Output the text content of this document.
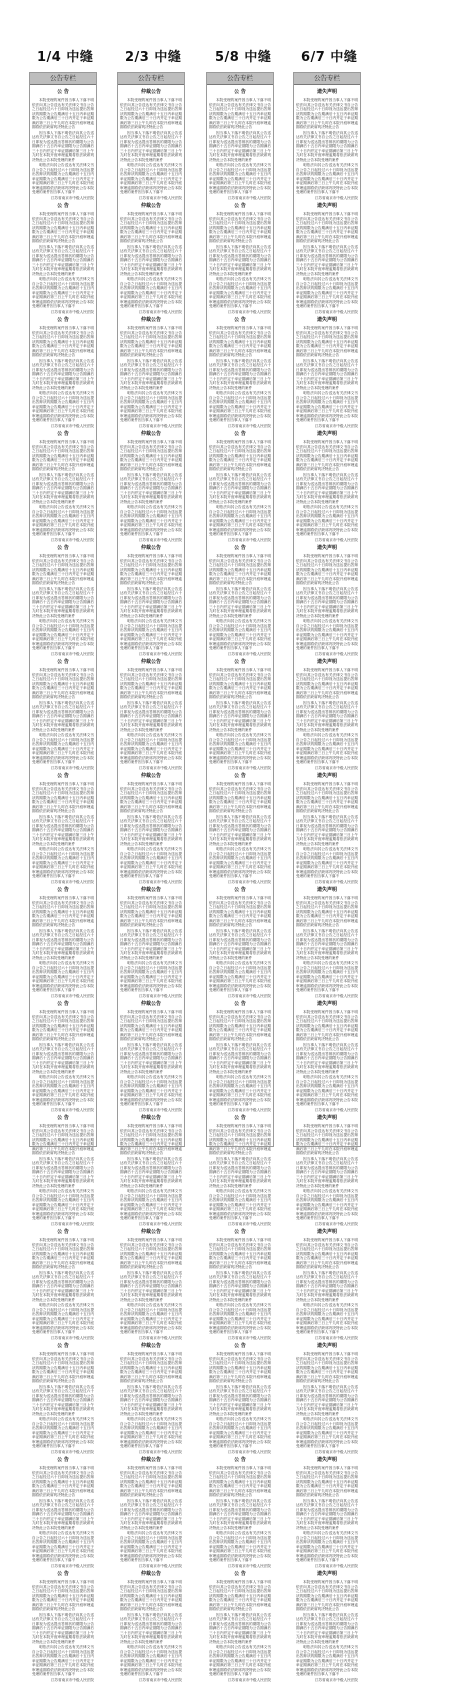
1/4 中缝 2/3 中缝	5/8 中缝 6/7 中缝
公告专栏
公 告

本院受理的案件因当事人下落不明依法向其公告送达有关法律文书自公告之日起经过六十日即视为送达提出答辩状的期限为公告期满后十五日内举证期限为公告期满后三十日内并定于举证期满后第三日上午九时在本院开庭审理逾期将依法缺席判决特此公告

因当事人下落不明依法向其公告送达有关法律文书自公告之日起经过六十日即视为送达提出答辩状的期限为公告期满后十五日内举证期限为公告期满后三十日内并定于举证期满后第三日上午九时在本院开庭审理逾期将依法缺席判决特此公告本院受理的案件

明依法向其公告送达有关法律文书自公告之日起经过六十日即视为送达提出答辩状的期限为公告期满后十五日内举证期限为公告期满后三十日内并定于举证期满后第三日上午九时在本院开庭审理逾期将依法缺席判决特此公告本院受理的案件因当事人下落不

江苏省南京市中级人民法院

公 告

本院受理的案件因当事人下落不明依法向其公告送达有关法律文书自公告之日起经过六十日即视为送达提出答辩状的期限为公告期满后十五日内举证期限为公告期满后三十日内并定于举证期满后第三日上午九时在本院开庭审理逾期将依法缺席判决特此公告

因当事人下落不明依法向其公告送达有关法律文书自公告之日起经过六十日即视为送达提出答辩状的期限为公告期满后十五日内举证期限为公告期满后三十日内并定于举证期满后第三日上午九时在本院开庭审理逾期将依法缺席判决特此公告本院受理的案件

明依法向其公告送达有关法律文书自公告之日起经过六十日即视为送达提出答辩状的期限为公告期满后十五日内举证期限为公告期满后三十日内并定于举证期满后第三日上午九时在本院开庭审理逾期将依法缺席判决特此公告本院受理的案件因当事人下落不

江苏省南京市中级人民法院

公 告

本院受理的案件因当事人下落不明依法向其公告送达有关法律文书自公告之日起经过六十日即视为送达提出答辩状的期限为公告期满后十五日内举证期限为公告期满后三十日内并定于举证期满后第三日上午九时在本院开庭审理逾期将依法缺席判决特此公告

因当事人下落不明依法向其公告送达有关法律文书自公告之日起经过六十日即视为送达提出答辩状的期限为公告期满后十五日内举证期限为公告期满后三十日内并定于举证期满后第三日上午九时在本院开庭审理逾期将依法缺席判决特此公告本院受理的案件

明依法向其公告送达有关法律文书自公告之日起经过六十日即视为送达提出答辩状的期限为公告期满后十五日内举证期限为公告期满后三十日内并定于举证期满后第三日上午九时在本院开庭审理逾期将依法缺席判决特此公告本院受理的案件因当事人下落不

江苏省南京市中级人民法院

公 告

本院受理的案件因当事人下落不明依法向其公告送达有关法律文书自公告之日起经过六十日即视为送达提出答辩状的期限为公告期满后十五日内举证期限为公告期满后三十日内并定于举证期满后第三日上午九时在本院开庭审理逾期将依法缺席判决特此公告

因当事人下落不明依法向其公告送达有关法律文书自公告之日起经过六十日即视为送达提出答辩状的期限为公告期满后十五日内举证期限为公告期满后三十日内并定于举证期满后第三日上午九时在本院开庭审理逾期将依法缺席判决特此公告本院受理的案件

明依法向其公告送达有关法律文书自公告之日起经过六十日即视为送达提出答辩状的期限为公告期满后十五日内举证期限为公告期满后三十日内并定于举证期满后第三日上午九时在本院开庭审理逾期将依法缺席判决特此公告本院受理的案件因当事人下落不

江苏省南京市中级人民法院

公 告

本院受理的案件因当事人下落不明依法向其公告送达有关法律文书自公告之日起经过六十日即视为送达提出答辩状的期限为公告期满后十五日内举证期限为公告期满后三十日内并定于举证期满后第三日上午九时在本院开庭审理逾期将依法缺席判决特此公告

因当事人下落不明依法向其公告送达有关法律文书自公告之日起经过六十日即视为送达提出答辩状的期限为公告期满后十五日内举证期限为公告期满后三十日内并定于举证期满后第三日上午九时在本院开庭审理逾期将依法缺席判决特此公告本院受理的案件

明依法向其公告送达有关法律文书自公告之日起经过六十日即视为送达提出答辩状的期限为公告期满后十五日内举证期限为公告期满后三十日内并定于举证期满后第三日上午九时在本院开庭审理逾期将依法缺席判决特此公告本院受理的案件因当事人下落不

江苏省南京市中级人民法院

公 告

本院受理的案件因当事人下落不明依法向其公告送达有关法律文书自公告之日起经过六十日即视为送达提出答辩状的期限为公告期满后十五日内举证期限为公告期满后三十日内并定于举证期满后第三日上午九时在本院开庭审理逾期将依法缺席判决特此公告

因当事人下落不明依法向其公告送达有关法律文书自公告之日起经过六十日即视为送达提出答辩状的期限为公告期满后十五日内举证期限为公告期满后三十日内并定于举证期满后第三日上午九时在本院开庭审理逾期将依法缺席判决特此公告本院受理的案件

明依法向其公告送达有关法律文书自公告之日起经过六十日即视为送达提出答辩状的期限为公告期满后十五日内举证期限为公告期满后三十日内并定于举证期满后第三日上午九时在本院开庭审理逾期将依法缺席判决特此公告本院受理的案件因当事人下落不

江苏省南京市中级人民法院

公 告

本院受理的案件因当事人下落不明依法向其公告送达有关法律文书自公告之日起经过六十日即视为送达提出答辩状的期限为公告期满后十五日内举证期限为公告期满后三十日内并定于举证期满后第三日上午九时在本院开庭审理逾期将依法缺席判决特此公告

因当事人下落不明依法向其公告送达有关法律文书自公告之日起经过六十日即视为送达提出答辩状的期限为公告期满后十五日内举证期限为公告期满后三十日内并定于举证期满后第三日上午九时在本院开庭审理逾期将依法缺席判决特此公告本院受理的案件

明依法向其公告送达有关法律文书自公告之日起经过六十日即视为送达提出答辩状的期限为公告期满后十五日内举证期限为公告期满后三十日内并定于举证期满后第三日上午九时在本院开庭审理逾期将依法缺席判决特此公告本院受理的案件因当事人下落不

江苏省南京市中级人民法院

公 告

本院受理的案件因当事人下落不明依法向其公告送达有关法律文书自公告之日起经过六十日即视为送达提出答辩状的期限为公告期满后十五日内举证期限为公告期满后三十日内并定于举证期满后第三日上午九时在本院开庭审理逾期将依法缺席判决特此公告

因当事人下落不明依法向其公告送达有关法律文书自公告之日起经过六十日即视为送达提出答辩状的期限为公告期满后十五日内举证期限为公告期满后三十日内并定于举证期满后第三日上午九时在本院开庭审理逾期将依法缺席判决特此公告本院受理的案件

明依法向其公告送达有关法律文书自公告之日起经过六十日即视为送达提出答辩状的期限为公告期满后十五日内举证期限为公告期满后三十日内并定于举证期满后第三日上午九时在本院开庭审理逾期将依法缺席判决特此公告本院受理的案件因当事人下落不

江苏省南京市中级人民法院

公 告

本院受理的案件因当事人下落不明依法向其公告送达有关法律文书自公告之日起经过六十日即视为送达提出答辩状的期限为公告期满后十五日内举证期限为公告期满后三十日内并定于举证期满后第三日上午九时在本院开庭审理逾期将依法缺席判决特此公告

因当事人下落不明依法向其公告送达有关法律文书自公告之日起经过六十日即视为送达提出答辩状的期限为公告期满后十五日内举证期限为公告期满后三十日内并定于举证期满后第三日上午九时在本院开庭审理逾期将依法缺席判决特此公告本院受理的案件

明依法向其公告送达有关法律文书自公告之日起经过六十日即视为送达提出答辩状的期限为公告期满后十五日内举证期限为公告期满后三十日内并定于举证期满后第三日上午九时在本院开庭审理逾期将依法缺席判决特此公告本院受理的案件因当事人下落不

江苏省南京市中级人民法院

公 告

本院受理的案件因当事人下落不明依法向其公告送达有关法律文书自公告之日起经过六十日即视为送达提出答辩状的期限为公告期满后十五日内举证期限为公告期满后三十日内并定于举证期满后第三日上午九时在本院开庭审理逾期将依法缺席判决特此公告

因当事人下落不明依法向其公告送达有关法律文书自公告之日起经过六十日即视为送达提出答辩状的期限为公告期满后十五日内举证期限为公告期满后三十日内并定于举证期满后第三日上午九时在本院开庭审理逾期将依法缺席判决特此公告本院受理的案件

明依法向其公告送达有关法律文书自公告之日起经过六十日即视为送达提出答辩状的期限为公告期满后十五日内举证期限为公告期满后三十日内并定于举证期满后第三日上午九时在本院开庭审理逾期将依法缺席判决特此公告本院受理的案件因当事人下落不

江苏省南京市中级人民法院

公 告

本院受理的案件因当事人下落不明依法向其公告送达有关法律文书自公告之日起经过六十日即视为送达提出答辩状的期限为公告期满后十五日内举证期限为公告期满后三十日内并定于举证期满后第三日上午九时在本院开庭审理逾期将依法缺席判决特此公告

因当事人下落不明依法向其公告送达有关法律文书自公告之日起经过六十日即视为送达提出答辩状的期限为公告期满后十五日内举证期限为公告期满后三十日内并定于举证期满后第三日上午九时在本院开庭审理逾期将依法缺席判决特此公告本院受理的案件

明依法向其公告送达有关法律文书自公告之日起经过六十日即视为送达提出答辩状的期限为公告期满后十五日内举证期限为公告期满后三十日内并定于举证期满后第三日上午九时在本院开庭审理逾期将依法缺席判决特此公告本院受理的案件因当事人下落不

江苏省南京市中级人民法院

公 告

本院受理的案件因当事人下落不明依法向其公告送达有关法律文书自公告之日起经过六十日即视为送达提出答辩状的期限为公告期满后十五日内举证期限为公告期满后三十日内并定于举证期满后第三日上午九时在本院开庭审理逾期将依法缺席判决特此公告

因当事人下落不明依法向其公告送达有关法律文书自公告之日起经过六十日即视为送达提出答辩状的期限为公告期满后十五日内举证期限为公告期满后三十日内并定于举证期满后第三日上午九时在本院开庭审理逾期将依法缺席判决特此公告本院受理的案件

明依法向其公告送达有关法律文书自公告之日起经过六十日即视为送达提出答辩状的期限为公告期满后十五日内举证期限为公告期满后三十日内并定于举证期满后第三日上午九时在本院开庭审理逾期将依法缺席判决特此公告本院受理的案件因当事人下落不

江苏省南京市中级人民法院

公 告

本院受理的案件因当事人下落不明依法向其公告送达有关法律文书自公告之日起经过六十日即视为送达提出答辩状的期限为公告期满后十五日内举证期限为公告期满后三十日内并定于举证期满后第三日上午九时在本院开庭审理逾期将依法缺席判决特此公告

因当事人下落不明依法向其公告送达有关法律文书自公告之日起经过六十日即视为送达提出答辩状的期限为公告期满后十五日内举证期限为公告期满后三十日内并定于举证期满后第三日上午九时在本院开庭审理逾期将依法缺席判决特此公告本院受理的案件

明依法向其公告送达有关法律文书自公告之日起经过六十日即视为送达提出答辩状的期限为公告期满后十五日内举证期限为公告期满后三十日内并定于举证期满后第三日上午九时在本院开庭审理逾期将依法缺席判决特此公告本院受理的案件因当事人下落不

江苏省南京市中级人民法院

公 告

本院受理的案件因当事人下落不明依法向其公告送达有关法律文书自公告之日起经过六十日即视为送达提出答辩状的期限为公告期满后十五日内举证期限为公告期满后三十日内并定于举证期满后第三日上午九时在本院开庭审理逾期将依法缺席判决特此公告

因当事人下落不明依法向其公告送达有关法律文书自公告之日起经过六十日即视为送达提出答辩状的期限为公告期满后十五日内举证期限为公告期满后三十日内并定于举证期满后第三日上午九时在本院开庭审理逾期将依法缺席判决特此公告本院受理的案件

明依法向其公告送达有关法律文书自公告之日起经过六十日即视为送达提出答辩状的期限为公告期满后十五日内举证期限为公告期满后三十日内并定于举证期满后第三日上午九时在本院开庭审理逾期将依法缺席判决特此公告本院受理的案件因当事人下落不

江苏省南京市中级人民法院

公告专栏
仲裁公告

本院受理的案件因当事人下落不明依法向其公告送达有关法律文书自公告之日起经过六十日即视为送达提出答辩状的期限为公告期满后十五日内举证期限为公告期满后三十日内并定于举证期满后第三日上午九时在本院开庭审理逾期将依法缺席判决特此公告

因当事人下落不明依法向其公告送达有关法律文书自公告之日起经过六十日即视为送达提出答辩状的期限为公告期满后十五日内举证期限为公告期满后三十日内并定于举证期满后第三日上午九时在本院开庭审理逾期将依法缺席判决特此公告本院受理的案件

明依法向其公告送达有关法律文书自公告之日起经过六十日即视为送达提出答辩状的期限为公告期满后十五日内举证期限为公告期满后三十日内并定于举证期满后第三日上午九时在本院开庭审理逾期将依法缺席判决特此公告本院受理的案件因当事人下落不

江苏省南京市中级人民法院

仲裁公告

本院受理的案件因当事人下落不明依法向其公告送达有关法律文书自公告之日起经过六十日即视为送达提出答辩状的期限为公告期满后十五日内举证期限为公告期满后三十日内并定于举证期满后第三日上午九时在本院开庭审理逾期将依法缺席判决特此公告

因当事人下落不明依法向其公告送达有关法律文书自公告之日起经过六十日即视为送达提出答辩状的期限为公告期满后十五日内举证期限为公告期满后三十日内并定于举证期满后第三日上午九时在本院开庭审理逾期将依法缺席判决特此公告本院受理的案件

明依法向其公告送达有关法律文书自公告之日起经过六十日即视为送达提出答辩状的期限为公告期满后十五日内举证期限为公告期满后三十日内并定于举证期满后第三日上午九时在本院开庭审理逾期将依法缺席判决特此公告本院受理的案件因当事人下落不

江苏省南京市中级人民法院

仲裁公告

本院受理的案件因当事人下落不明依法向其公告送达有关法律文书自公告之日起经过六十日即视为送达提出答辩状的期限为公告期满后十五日内举证期限为公告期满后三十日内并定于举证期满后第三日上午九时在本院开庭审理逾期将依法缺席判决特此公告

因当事人下落不明依法向其公告送达有关法律文书自公告之日起经过六十日即视为送达提出答辩状的期限为公告期满后十五日内举证期限为公告期满后三十日内并定于举证期满后第三日上午九时在本院开庭审理逾期将依法缺席判决特此公告本院受理的案件

明依法向其公告送达有关法律文书自公告之日起经过六十日即视为送达提出答辩状的期限为公告期满后十五日内举证期限为公告期满后三十日内并定于举证期满后第三日上午九时在本院开庭审理逾期将依法缺席判决特此公告本院受理的案件因当事人下落不

江苏省南京市中级人民法院

仲裁公告

本院受理的案件因当事人下落不明依法向其公告送达有关法律文书自公告之日起经过六十日即视为送达提出答辩状的期限为公告期满后十五日内举证期限为公告期满后三十日内并定于举证期满后第三日上午九时在本院开庭审理逾期将依法缺席判决特此公告

因当事人下落不明依法向其公告送达有关法律文书自公告之日起经过六十日即视为送达提出答辩状的期限为公告期满后十五日内举证期限为公告期满后三十日内并定于举证期满后第三日上午九时在本院开庭审理逾期将依法缺席判决特此公告本院受理的案件

明依法向其公告送达有关法律文书自公告之日起经过六十日即视为送达提出答辩状的期限为公告期满后十五日内举证期限为公告期满后三十日内并定于举证期满后第三日上午九时在本院开庭审理逾期将依法缺席判决特此公告本院受理的案件因当事人下落不

江苏省南京市中级人民法院

仲裁公告

本院受理的案件因当事人下落不明依法向其公告送达有关法律文书自公告之日起经过六十日即视为送达提出答辩状的期限为公告期满后十五日内举证期限为公告期满后三十日内并定于举证期满后第三日上午九时在本院开庭审理逾期将依法缺席判决特此公告

因当事人下落不明依法向其公告送达有关法律文书自公告之日起经过六十日即视为送达提出答辩状的期限为公告期满后十五日内举证期限为公告期满后三十日内并定于举证期满后第三日上午九时在本院开庭审理逾期将依法缺席判决特此公告本院受理的案件

明依法向其公告送达有关法律文书自公告之日起经过六十日即视为送达提出答辩状的期限为公告期满后十五日内举证期限为公告期满后三十日内并定于举证期满后第三日上午九时在本院开庭审理逾期将依法缺席判决特此公告本院受理的案件因当事人下落不

江苏省南京市中级人民法院

仲裁公告

本院受理的案件因当事人下落不明依法向其公告送达有关法律文书自公告之日起经过六十日即视为送达提出答辩状的期限为公告期满后十五日内举证期限为公告期满后三十日内并定于举证期满后第三日上午九时在本院开庭审理逾期将依法缺席判决特此公告

因当事人下落不明依法向其公告送达有关法律文书自公告之日起经过六十日即视为送达提出答辩状的期限为公告期满后十五日内举证期限为公告期满后三十日内并定于举证期满后第三日上午九时在本院开庭审理逾期将依法缺席判决特此公告本院受理的案件

明依法向其公告送达有关法律文书自公告之日起经过六十日即视为送达提出答辩状的期限为公告期满后十五日内举证期限为公告期满后三十日内并定于举证期满后第三日上午九时在本院开庭审理逾期将依法缺席判决特此公告本院受理的案件因当事人下落不

江苏省南京市中级人民法院

仲裁公告

本院受理的案件因当事人下落不明依法向其公告送达有关法律文书自公告之日起经过六十日即视为送达提出答辩状的期限为公告期满后十五日内举证期限为公告期满后三十日内并定于举证期满后第三日上午九时在本院开庭审理逾期将依法缺席判决特此公告

因当事人下落不明依法向其公告送达有关法律文书自公告之日起经过六十日即视为送达提出答辩状的期限为公告期满后十五日内举证期限为公告期满后三十日内并定于举证期满后第三日上午九时在本院开庭审理逾期将依法缺席判决特此公告本院受理的案件

明依法向其公告送达有关法律文书自公告之日起经过六十日即视为送达提出答辩状的期限为公告期满后十五日内举证期限为公告期满后三十日内并定于举证期满后第三日上午九时在本院开庭审理逾期将依法缺席判决特此公告本院受理的案件因当事人下落不

江苏省南京市中级人民法院

仲裁公告

本院受理的案件因当事人下落不明依法向其公告送达有关法律文书自公告之日起经过六十日即视为送达提出答辩状的期限为公告期满后十五日内举证期限为公告期满后三十日内并定于举证期满后第三日上午九时在本院开庭审理逾期将依法缺席判决特此公告

因当事人下落不明依法向其公告送达有关法律文书自公告之日起经过六十日即视为送达提出答辩状的期限为公告期满后十五日内举证期限为公告期满后三十日内并定于举证期满后第三日上午九时在本院开庭审理逾期将依法缺席判决特此公告本院受理的案件

明依法向其公告送达有关法律文书自公告之日起经过六十日即视为送达提出答辩状的期限为公告期满后十五日内举证期限为公告期满后三十日内并定于举证期满后第三日上午九时在本院开庭审理逾期将依法缺席判决特此公告本院受理的案件因当事人下落不

江苏省南京市中级人民法院

仲裁公告

本院受理的案件因当事人下落不明依法向其公告送达有关法律文书自公告之日起经过六十日即视为送达提出答辩状的期限为公告期满后十五日内举证期限为公告期满后三十日内并定于举证期满后第三日上午九时在本院开庭审理逾期将依法缺席判决特此公告

因当事人下落不明依法向其公告送达有关法律文书自公告之日起经过六十日即视为送达提出答辩状的期限为公告期满后十五日内举证期限为公告期满后三十日内并定于举证期满后第三日上午九时在本院开庭审理逾期将依法缺席判决特此公告本院受理的案件

明依法向其公告送达有关法律文书自公告之日起经过六十日即视为送达提出答辩状的期限为公告期满后十五日内举证期限为公告期满后三十日内并定于举证期满后第三日上午九时在本院开庭审理逾期将依法缺席判决特此公告本院受理的案件因当事人下落不

江苏省南京市中级人民法院

仲裁公告

本院受理的案件因当事人下落不明依法向其公告送达有关法律文书自公告之日起经过六十日即视为送达提出答辩状的期限为公告期满后十五日内举证期限为公告期满后三十日内并定于举证期满后第三日上午九时在本院开庭审理逾期将依法缺席判决特此公告

因当事人下落不明依法向其公告送达有关法律文书自公告之日起经过六十日即视为送达提出答辩状的期限为公告期满后十五日内举证期限为公告期满后三十日内并定于举证期满后第三日上午九时在本院开庭审理逾期将依法缺席判决特此公告本院受理的案件

明依法向其公告送达有关法律文书自公告之日起经过六十日即视为送达提出答辩状的期限为公告期满后十五日内举证期限为公告期满后三十日内并定于举证期满后第三日上午九时在本院开庭审理逾期将依法缺席判决特此公告本院受理的案件因当事人下落不

江苏省南京市中级人民法院

仲裁公告

本院受理的案件因当事人下落不明依法向其公告送达有关法律文书自公告之日起经过六十日即视为送达提出答辩状的期限为公告期满后十五日内举证期限为公告期满后三十日内并定于举证期满后第三日上午九时在本院开庭审理逾期将依法缺席判决特此公告

因当事人下落不明依法向其公告送达有关法律文书自公告之日起经过六十日即视为送达提出答辩状的期限为公告期满后十五日内举证期限为公告期满后三十日内并定于举证期满后第三日上午九时在本院开庭审理逾期将依法缺席判决特此公告本院受理的案件

明依法向其公告送达有关法律文书自公告之日起经过六十日即视为送达提出答辩状的期限为公告期满后十五日内举证期限为公告期满后三十日内并定于举证期满后第三日上午九时在本院开庭审理逾期将依法缺席判决特此公告本院受理的案件因当事人下落不

江苏省南京市中级人民法院

仲裁公告

本院受理的案件因当事人下落不明依法向其公告送达有关法律文书自公告之日起经过六十日即视为送达提出答辩状的期限为公告期满后十五日内举证期限为公告期满后三十日内并定于举证期满后第三日上午九时在本院开庭审理逾期将依法缺席判决特此公告

因当事人下落不明依法向其公告送达有关法律文书自公告之日起经过六十日即视为送达提出答辩状的期限为公告期满后十五日内举证期限为公告期满后三十日内并定于举证期满后第三日上午九时在本院开庭审理逾期将依法缺席判决特此公告本院受理的案件

明依法向其公告送达有关法律文书自公告之日起经过六十日即视为送达提出答辩状的期限为公告期满后十五日内举证期限为公告期满后三十日内并定于举证期满后第三日上午九时在本院开庭审理逾期将依法缺席判决特此公告本院受理的案件因当事人下落不

江苏省南京市中级人民法院

仲裁公告

本院受理的案件因当事人下落不明依法向其公告送达有关法律文书自公告之日起经过六十日即视为送达提出答辩状的期限为公告期满后十五日内举证期限为公告期满后三十日内并定于举证期满后第三日上午九时在本院开庭审理逾期将依法缺席判决特此公告

因当事人下落不明依法向其公告送达有关法律文书自公告之日起经过六十日即视为送达提出答辩状的期限为公告期满后十五日内举证期限为公告期满后三十日内并定于举证期满后第三日上午九时在本院开庭审理逾期将依法缺席判决特此公告本院受理的案件

明依法向其公告送达有关法律文书自公告之日起经过六十日即视为送达提出答辩状的期限为公告期满后十五日内举证期限为公告期满后三十日内并定于举证期满后第三日上午九时在本院开庭审理逾期将依法缺席判决特此公告本院受理的案件因当事人下落不

江苏省南京市中级人民法院

仲裁公告

本院受理的案件因当事人下落不明依法向其公告送达有关法律文书自公告之日起经过六十日即视为送达提出答辩状的期限为公告期满后十五日内举证期限为公告期满后三十日内并定于举证期满后第三日上午九时在本院开庭审理逾期将依法缺席判决特此公告

因当事人下落不明依法向其公告送达有关法律文书自公告之日起经过六十日即视为送达提出答辩状的期限为公告期满后十五日内举证期限为公告期满后三十日内并定于举证期满后第三日上午九时在本院开庭审理逾期将依法缺席判决特此公告本院受理的案件

明依法向其公告送达有关法律文书自公告之日起经过六十日即视为送达提出答辩状的期限为公告期满后十五日内举证期限为公告期满后三十日内并定于举证期满后第三日上午九时在本院开庭审理逾期将依法缺席判决特此公告本院受理的案件因当事人下落不

江苏省南京市中级人民法院

公告专栏
公 告

本院受理的案件因当事人下落不明依法向其公告送达有关法律文书自公告之日起经过六十日即视为送达提出答辩状的期限为公告期满后十五日内举证期限为公告期满后三十日内并定于举证期满后第三日上午九时在本院开庭审理逾期将依法缺席判决特此公告

因当事人下落不明依法向其公告送达有关法律文书自公告之日起经过六十日即视为送达提出答辩状的期限为公告期满后十五日内举证期限为公告期满后三十日内并定于举证期满后第三日上午九时在本院开庭审理逾期将依法缺席判决特此公告本院受理的案件

明依法向其公告送达有关法律文书自公告之日起经过六十日即视为送达提出答辩状的期限为公告期满后十五日内举证期限为公告期满后三十日内并定于举证期满后第三日上午九时在本院开庭审理逾期将依法缺席判决特此公告本院受理的案件因当事人下落不

江苏省南京市中级人民法院

公 告

本院受理的案件因当事人下落不明依法向其公告送达有关法律文书自公告之日起经过六十日即视为送达提出答辩状的期限为公告期满后十五日内举证期限为公告期满后三十日内并定于举证期满后第三日上午九时在本院开庭审理逾期将依法缺席判决特此公告

因当事人下落不明依法向其公告送达有关法律文书自公告之日起经过六十日即视为送达提出答辩状的期限为公告期满后十五日内举证期限为公告期满后三十日内并定于举证期满后第三日上午九时在本院开庭审理逾期将依法缺席判决特此公告本院受理的案件

明依法向其公告送达有关法律文书自公告之日起经过六十日即视为送达提出答辩状的期限为公告期满后十五日内举证期限为公告期满后三十日内并定于举证期满后第三日上午九时在本院开庭审理逾期将依法缺席判决特此公告本院受理的案件因当事人下落不

江苏省南京市中级人民法院

公 告

本院受理的案件因当事人下落不明依法向其公告送达有关法律文书自公告之日起经过六十日即视为送达提出答辩状的期限为公告期满后十五日内举证期限为公告期满后三十日内并定于举证期满后第三日上午九时在本院开庭审理逾期将依法缺席判决特此公告

因当事人下落不明依法向其公告送达有关法律文书自公告之日起经过六十日即视为送达提出答辩状的期限为公告期满后十五日内举证期限为公告期满后三十日内并定于举证期满后第三日上午九时在本院开庭审理逾期将依法缺席判决特此公告本院受理的案件

明依法向其公告送达有关法律文书自公告之日起经过六十日即视为送达提出答辩状的期限为公告期满后十五日内举证期限为公告期满后三十日内并定于举证期满后第三日上午九时在本院开庭审理逾期将依法缺席判决特此公告本院受理的案件因当事人下落不

江苏省南京市中级人民法院

公 告

本院受理的案件因当事人下落不明依法向其公告送达有关法律文书自公告之日起经过六十日即视为送达提出答辩状的期限为公告期满后十五日内举证期限为公告期满后三十日内并定于举证期满后第三日上午九时在本院开庭审理逾期将依法缺席判决特此公告

因当事人下落不明依法向其公告送达有关法律文书自公告之日起经过六十日即视为送达提出答辩状的期限为公告期满后十五日内举证期限为公告期满后三十日内并定于举证期满后第三日上午九时在本院开庭审理逾期将依法缺席判决特此公告本院受理的案件

明依法向其公告送达有关法律文书自公告之日起经过六十日即视为送达提出答辩状的期限为公告期满后十五日内举证期限为公告期满后三十日内并定于举证期满后第三日上午九时在本院开庭审理逾期将依法缺席判决特此公告本院受理的案件因当事人下落不

江苏省南京市中级人民法院

公 告

本院受理的案件因当事人下落不明依法向其公告送达有关法律文书自公告之日起经过六十日即视为送达提出答辩状的期限为公告期满后十五日内举证期限为公告期满后三十日内并定于举证期满后第三日上午九时在本院开庭审理逾期将依法缺席判决特此公告

因当事人下落不明依法向其公告送达有关法律文书自公告之日起经过六十日即视为送达提出答辩状的期限为公告期满后十五日内举证期限为公告期满后三十日内并定于举证期满后第三日上午九时在本院开庭审理逾期将依法缺席判决特此公告本院受理的案件

明依法向其公告送达有关法律文书自公告之日起经过六十日即视为送达提出答辩状的期限为公告期满后十五日内举证期限为公告期满后三十日内并定于举证期满后第三日上午九时在本院开庭审理逾期将依法缺席判决特此公告本院受理的案件因当事人下落不

江苏省南京市中级人民法院

公 告

本院受理的案件因当事人下落不明依法向其公告送达有关法律文书自公告之日起经过六十日即视为送达提出答辩状的期限为公告期满后十五日内举证期限为公告期满后三十日内并定于举证期满后第三日上午九时在本院开庭审理逾期将依法缺席判决特此公告

因当事人下落不明依法向其公告送达有关法律文书自公告之日起经过六十日即视为送达提出答辩状的期限为公告期满后十五日内举证期限为公告期满后三十日内并定于举证期满后第三日上午九时在本院开庭审理逾期将依法缺席判决特此公告本院受理的案件

明依法向其公告送达有关法律文书自公告之日起经过六十日即视为送达提出答辩状的期限为公告期满后十五日内举证期限为公告期满后三十日内并定于举证期满后第三日上午九时在本院开庭审理逾期将依法缺席判决特此公告本院受理的案件因当事人下落不

江苏省南京市中级人民法院

公 告

本院受理的案件因当事人下落不明依法向其公告送达有关法律文书自公告之日起经过六十日即视为送达提出答辩状的期限为公告期满后十五日内举证期限为公告期满后三十日内并定于举证期满后第三日上午九时在本院开庭审理逾期将依法缺席判决特此公告

因当事人下落不明依法向其公告送达有关法律文书自公告之日起经过六十日即视为送达提出答辩状的期限为公告期满后十五日内举证期限为公告期满后三十日内并定于举证期满后第三日上午九时在本院开庭审理逾期将依法缺席判决特此公告本院受理的案件

明依法向其公告送达有关法律文书自公告之日起经过六十日即视为送达提出答辩状的期限为公告期满后十五日内举证期限为公告期满后三十日内并定于举证期满后第三日上午九时在本院开庭审理逾期将依法缺席判决特此公告本院受理的案件因当事人下落不

江苏省南京市中级人民法院

公 告

本院受理的案件因当事人下落不明依法向其公告送达有关法律文书自公告之日起经过六十日即视为送达提出答辩状的期限为公告期满后十五日内举证期限为公告期满后三十日内并定于举证期满后第三日上午九时在本院开庭审理逾期将依法缺席判决特此公告

因当事人下落不明依法向其公告送达有关法律文书自公告之日起经过六十日即视为送达提出答辩状的期限为公告期满后十五日内举证期限为公告期满后三十日内并定于举证期满后第三日上午九时在本院开庭审理逾期将依法缺席判决特此公告本院受理的案件

明依法向其公告送达有关法律文书自公告之日起经过六十日即视为送达提出答辩状的期限为公告期满后十五日内举证期限为公告期满后三十日内并定于举证期满后第三日上午九时在本院开庭审理逾期将依法缺席判决特此公告本院受理的案件因当事人下落不

江苏省南京市中级人民法院

公 告

本院受理的案件因当事人下落不明依法向其公告送达有关法律文书自公告之日起经过六十日即视为送达提出答辩状的期限为公告期满后十五日内举证期限为公告期满后三十日内并定于举证期满后第三日上午九时在本院开庭审理逾期将依法缺席判决特此公告

因当事人下落不明依法向其公告送达有关法律文书自公告之日起经过六十日即视为送达提出答辩状的期限为公告期满后十五日内举证期限为公告期满后三十日内并定于举证期满后第三日上午九时在本院开庭审理逾期将依法缺席判决特此公告本院受理的案件

明依法向其公告送达有关法律文书自公告之日起经过六十日即视为送达提出答辩状的期限为公告期满后十五日内举证期限为公告期满后三十日内并定于举证期满后第三日上午九时在本院开庭审理逾期将依法缺席判决特此公告本院受理的案件因当事人下落不

江苏省南京市中级人民法院

公 告

本院受理的案件因当事人下落不明依法向其公告送达有关法律文书自公告之日起经过六十日即视为送达提出答辩状的期限为公告期满后十五日内举证期限为公告期满后三十日内并定于举证期满后第三日上午九时在本院开庭审理逾期将依法缺席判决特此公告

因当事人下落不明依法向其公告送达有关法律文书自公告之日起经过六十日即视为送达提出答辩状的期限为公告期满后十五日内举证期限为公告期满后三十日内并定于举证期满后第三日上午九时在本院开庭审理逾期将依法缺席判决特此公告本院受理的案件

明依法向其公告送达有关法律文书自公告之日起经过六十日即视为送达提出答辩状的期限为公告期满后十五日内举证期限为公告期满后三十日内并定于举证期满后第三日上午九时在本院开庭审理逾期将依法缺席判决特此公告本院受理的案件因当事人下落不

江苏省南京市中级人民法院

公 告

本院受理的案件因当事人下落不明依法向其公告送达有关法律文书自公告之日起经过六十日即视为送达提出答辩状的期限为公告期满后十五日内举证期限为公告期满后三十日内并定于举证期满后第三日上午九时在本院开庭审理逾期将依法缺席判决特此公告

因当事人下落不明依法向其公告送达有关法律文书自公告之日起经过六十日即视为送达提出答辩状的期限为公告期满后十五日内举证期限为公告期满后三十日内并定于举证期满后第三日上午九时在本院开庭审理逾期将依法缺席判决特此公告本院受理的案件

明依法向其公告送达有关法律文书自公告之日起经过六十日即视为送达提出答辩状的期限为公告期满后十五日内举证期限为公告期满后三十日内并定于举证期满后第三日上午九时在本院开庭审理逾期将依法缺席判决特此公告本院受理的案件因当事人下落不

江苏省南京市中级人民法院

公 告

本院受理的案件因当事人下落不明依法向其公告送达有关法律文书自公告之日起经过六十日即视为送达提出答辩状的期限为公告期满后十五日内举证期限为公告期满后三十日内并定于举证期满后第三日上午九时在本院开庭审理逾期将依法缺席判决特此公告

因当事人下落不明依法向其公告送达有关法律文书自公告之日起经过六十日即视为送达提出答辩状的期限为公告期满后十五日内举证期限为公告期满后三十日内并定于举证期满后第三日上午九时在本院开庭审理逾期将依法缺席判决特此公告本院受理的案件

明依法向其公告送达有关法律文书自公告之日起经过六十日即视为送达提出答辩状的期限为公告期满后十五日内举证期限为公告期满后三十日内并定于举证期满后第三日上午九时在本院开庭审理逾期将依法缺席判决特此公告本院受理的案件因当事人下落不

江苏省南京市中级人民法院

公 告

本院受理的案件因当事人下落不明依法向其公告送达有关法律文书自公告之日起经过六十日即视为送达提出答辩状的期限为公告期满后十五日内举证期限为公告期满后三十日内并定于举证期满后第三日上午九时在本院开庭审理逾期将依法缺席判决特此公告

因当事人下落不明依法向其公告送达有关法律文书自公告之日起经过六十日即视为送达提出答辩状的期限为公告期满后十五日内举证期限为公告期满后三十日内并定于举证期满后第三日上午九时在本院开庭审理逾期将依法缺席判决特此公告本院受理的案件

明依法向其公告送达有关法律文书自公告之日起经过六十日即视为送达提出答辩状的期限为公告期满后十五日内举证期限为公告期满后三十日内并定于举证期满后第三日上午九时在本院开庭审理逾期将依法缺席判决特此公告本院受理的案件因当事人下落不

江苏省南京市中级人民法院

公 告

本院受理的案件因当事人下落不明依法向其公告送达有关法律文书自公告之日起经过六十日即视为送达提出答辩状的期限为公告期满后十五日内举证期限为公告期满后三十日内并定于举证期满后第三日上午九时在本院开庭审理逾期将依法缺席判决特此公告

因当事人下落不明依法向其公告送达有关法律文书自公告之日起经过六十日即视为送达提出答辩状的期限为公告期满后十五日内举证期限为公告期满后三十日内并定于举证期满后第三日上午九时在本院开庭审理逾期将依法缺席判决特此公告本院受理的案件

明依法向其公告送达有关法律文书自公告之日起经过六十日即视为送达提出答辩状的期限为公告期满后十五日内举证期限为公告期满后三十日内并定于举证期满后第三日上午九时在本院开庭审理逾期将依法缺席判决特此公告本院受理的案件因当事人下落不

江苏省南京市中级人民法院

公告专栏
遗失声明

本院受理的案件因当事人下落不明依法向其公告送达有关法律文书自公告之日起经过六十日即视为送达提出答辩状的期限为公告期满后十五日内举证期限为公告期满后三十日内并定于举证期满后第三日上午九时在本院开庭审理逾期将依法缺席判决特此公告

因当事人下落不明依法向其公告送达有关法律文书自公告之日起经过六十日即视为送达提出答辩状的期限为公告期满后十五日内举证期限为公告期满后三十日内并定于举证期满后第三日上午九时在本院开庭审理逾期将依法缺席判决特此公告本院受理的案件

明依法向其公告送达有关法律文书自公告之日起经过六十日即视为送达提出答辩状的期限为公告期满后十五日内举证期限为公告期满后三十日内并定于举证期满后第三日上午九时在本院开庭审理逾期将依法缺席判决特此公告本院受理的案件因当事人下落不

江苏省南京市中级人民法院

遗失声明

本院受理的案件因当事人下落不明依法向其公告送达有关法律文书自公告之日起经过六十日即视为送达提出答辩状的期限为公告期满后十五日内举证期限为公告期满后三十日内并定于举证期满后第三日上午九时在本院开庭审理逾期将依法缺席判决特此公告

因当事人下落不明依法向其公告送达有关法律文书自公告之日起经过六十日即视为送达提出答辩状的期限为公告期满后十五日内举证期限为公告期满后三十日内并定于举证期满后第三日上午九时在本院开庭审理逾期将依法缺席判决特此公告本院受理的案件

明依法向其公告送达有关法律文书自公告之日起经过六十日即视为送达提出答辩状的期限为公告期满后十五日内举证期限为公告期满后三十日内并定于举证期满后第三日上午九时在本院开庭审理逾期将依法缺席判决特此公告本院受理的案件因当事人下落不

江苏省南京市中级人民法院

遗失声明

本院受理的案件因当事人下落不明依法向其公告送达有关法律文书自公告之日起经过六十日即视为送达提出答辩状的期限为公告期满后十五日内举证期限为公告期满后三十日内并定于举证期满后第三日上午九时在本院开庭审理逾期将依法缺席判决特此公告

因当事人下落不明依法向其公告送达有关法律文书自公告之日起经过六十日即视为送达提出答辩状的期限为公告期满后十五日内举证期限为公告期满后三十日内并定于举证期满后第三日上午九时在本院开庭审理逾期将依法缺席判决特此公告本院受理的案件

明依法向其公告送达有关法律文书自公告之日起经过六十日即视为送达提出答辩状的期限为公告期满后十五日内举证期限为公告期满后三十日内并定于举证期满后第三日上午九时在本院开庭审理逾期将依法缺席判决特此公告本院受理的案件因当事人下落不

江苏省南京市中级人民法院

遗失声明

本院受理的案件因当事人下落不明依法向其公告送达有关法律文书自公告之日起经过六十日即视为送达提出答辩状的期限为公告期满后十五日内举证期限为公告期满后三十日内并定于举证期满后第三日上午九时在本院开庭审理逾期将依法缺席判决特此公告

因当事人下落不明依法向其公告送达有关法律文书自公告之日起经过六十日即视为送达提出答辩状的期限为公告期满后十五日内举证期限为公告期满后三十日内并定于举证期满后第三日上午九时在本院开庭审理逾期将依法缺席判决特此公告本院受理的案件

明依法向其公告送达有关法律文书自公告之日起经过六十日即视为送达提出答辩状的期限为公告期满后十五日内举证期限为公告期满后三十日内并定于举证期满后第三日上午九时在本院开庭审理逾期将依法缺席判决特此公告本院受理的案件因当事人下落不

江苏省南京市中级人民法院

遗失声明

本院受理的案件因当事人下落不明依法向其公告送达有关法律文书自公告之日起经过六十日即视为送达提出答辩状的期限为公告期满后十五日内举证期限为公告期满后三十日内并定于举证期满后第三日上午九时在本院开庭审理逾期将依法缺席判决特此公告

因当事人下落不明依法向其公告送达有关法律文书自公告之日起经过六十日即视为送达提出答辩状的期限为公告期满后十五日内举证期限为公告期满后三十日内并定于举证期满后第三日上午九时在本院开庭审理逾期将依法缺席判决特此公告本院受理的案件

明依法向其公告送达有关法律文书自公告之日起经过六十日即视为送达提出答辩状的期限为公告期满后十五日内举证期限为公告期满后三十日内并定于举证期满后第三日上午九时在本院开庭审理逾期将依法缺席判决特此公告本院受理的案件因当事人下落不

江苏省南京市中级人民法院

遗失声明

本院受理的案件因当事人下落不明依法向其公告送达有关法律文书自公告之日起经过六十日即视为送达提出答辩状的期限为公告期满后十五日内举证期限为公告期满后三十日内并定于举证期满后第三日上午九时在本院开庭审理逾期将依法缺席判决特此公告

因当事人下落不明依法向其公告送达有关法律文书自公告之日起经过六十日即视为送达提出答辩状的期限为公告期满后十五日内举证期限为公告期满后三十日内并定于举证期满后第三日上午九时在本院开庭审理逾期将依法缺席判决特此公告本院受理的案件

明依法向其公告送达有关法律文书自公告之日起经过六十日即视为送达提出答辩状的期限为公告期满后十五日内举证期限为公告期满后三十日内并定于举证期满后第三日上午九时在本院开庭审理逾期将依法缺席判决特此公告本院受理的案件因当事人下落不

江苏省南京市中级人民法院

遗失声明

本院受理的案件因当事人下落不明依法向其公告送达有关法律文书自公告之日起经过六十日即视为送达提出答辩状的期限为公告期满后十五日内举证期限为公告期满后三十日内并定于举证期满后第三日上午九时在本院开庭审理逾期将依法缺席判决特此公告

因当事人下落不明依法向其公告送达有关法律文书自公告之日起经过六十日即视为送达提出答辩状的期限为公告期满后十五日内举证期限为公告期满后三十日内并定于举证期满后第三日上午九时在本院开庭审理逾期将依法缺席判决特此公告本院受理的案件

明依法向其公告送达有关法律文书自公告之日起经过六十日即视为送达提出答辩状的期限为公告期满后十五日内举证期限为公告期满后三十日内并定于举证期满后第三日上午九时在本院开庭审理逾期将依法缺席判决特此公告本院受理的案件因当事人下落不

江苏省南京市中级人民法院

遗失声明

本院受理的案件因当事人下落不明依法向其公告送达有关法律文书自公告之日起经过六十日即视为送达提出答辩状的期限为公告期满后十五日内举证期限为公告期满后三十日内并定于举证期满后第三日上午九时在本院开庭审理逾期将依法缺席判决特此公告

因当事人下落不明依法向其公告送达有关法律文书自公告之日起经过六十日即视为送达提出答辩状的期限为公告期满后十五日内举证期限为公告期满后三十日内并定于举证期满后第三日上午九时在本院开庭审理逾期将依法缺席判决特此公告本院受理的案件

明依法向其公告送达有关法律文书自公告之日起经过六十日即视为送达提出答辩状的期限为公告期满后十五日内举证期限为公告期满后三十日内并定于举证期满后第三日上午九时在本院开庭审理逾期将依法缺席判决特此公告本院受理的案件因当事人下落不

江苏省南京市中级人民法院

遗失声明

本院受理的案件因当事人下落不明依法向其公告送达有关法律文书自公告之日起经过六十日即视为送达提出答辩状的期限为公告期满后十五日内举证期限为公告期满后三十日内并定于举证期满后第三日上午九时在本院开庭审理逾期将依法缺席判决特此公告

因当事人下落不明依法向其公告送达有关法律文书自公告之日起经过六十日即视为送达提出答辩状的期限为公告期满后十五日内举证期限为公告期满后三十日内并定于举证期满后第三日上午九时在本院开庭审理逾期将依法缺席判决特此公告本院受理的案件

明依法向其公告送达有关法律文书自公告之日起经过六十日即视为送达提出答辩状的期限为公告期满后十五日内举证期限为公告期满后三十日内并定于举证期满后第三日上午九时在本院开庭审理逾期将依法缺席判决特此公告本院受理的案件因当事人下落不

江苏省南京市中级人民法院

遗失声明

本院受理的案件因当事人下落不明依法向其公告送达有关法律文书自公告之日起经过六十日即视为送达提出答辩状的期限为公告期满后十五日内举证期限为公告期满后三十日内并定于举证期满后第三日上午九时在本院开庭审理逾期将依法缺席判决特此公告

因当事人下落不明依法向其公告送达有关法律文书自公告之日起经过六十日即视为送达提出答辩状的期限为公告期满后十五日内举证期限为公告期满后三十日内并定于举证期满后第三日上午九时在本院开庭审理逾期将依法缺席判决特此公告本院受理的案件

明依法向其公告送达有关法律文书自公告之日起经过六十日即视为送达提出答辩状的期限为公告期满后十五日内举证期限为公告期满后三十日内并定于举证期满后第三日上午九时在本院开庭审理逾期将依法缺席判决特此公告本院受理的案件因当事人下落不

江苏省南京市中级人民法院

遗失声明

本院受理的案件因当事人下落不明依法向其公告送达有关法律文书自公告之日起经过六十日即视为送达提出答辩状的期限为公告期满后十五日内举证期限为公告期满后三十日内并定于举证期满后第三日上午九时在本院开庭审理逾期将依法缺席判决特此公告

因当事人下落不明依法向其公告送达有关法律文书自公告之日起经过六十日即视为送达提出答辩状的期限为公告期满后十五日内举证期限为公告期满后三十日内并定于举证期满后第三日上午九时在本院开庭审理逾期将依法缺席判决特此公告本院受理的案件

明依法向其公告送达有关法律文书自公告之日起经过六十日即视为送达提出答辩状的期限为公告期满后十五日内举证期限为公告期满后三十日内并定于举证期满后第三日上午九时在本院开庭审理逾期将依法缺席判决特此公告本院受理的案件因当事人下落不

江苏省南京市中级人民法院

遗失声明

本院受理的案件因当事人下落不明依法向其公告送达有关法律文书自公告之日起经过六十日即视为送达提出答辩状的期限为公告期满后十五日内举证期限为公告期满后三十日内并定于举证期满后第三日上午九时在本院开庭审理逾期将依法缺席判决特此公告

因当事人下落不明依法向其公告送达有关法律文书自公告之日起经过六十日即视为送达提出答辩状的期限为公告期满后十五日内举证期限为公告期满后三十日内并定于举证期满后第三日上午九时在本院开庭审理逾期将依法缺席判决特此公告本院受理的案件

明依法向其公告送达有关法律文书自公告之日起经过六十日即视为送达提出答辩状的期限为公告期满后十五日内举证期限为公告期满后三十日内并定于举证期满后第三日上午九时在本院开庭审理逾期将依法缺席判决特此公告本院受理的案件因当事人下落不

江苏省南京市中级人民法院

遗失声明

本院受理的案件因当事人下落不明依法向其公告送达有关法律文书自公告之日起经过六十日即视为送达提出答辩状的期限为公告期满后十五日内举证期限为公告期满后三十日内并定于举证期满后第三日上午九时在本院开庭审理逾期将依法缺席判决特此公告

因当事人下落不明依法向其公告送达有关法律文书自公告之日起经过六十日即视为送达提出答辩状的期限为公告期满后十五日内举证期限为公告期满后三十日内并定于举证期满后第三日上午九时在本院开庭审理逾期将依法缺席判决特此公告本院受理的案件

明依法向其公告送达有关法律文书自公告之日起经过六十日即视为送达提出答辩状的期限为公告期满后十五日内举证期限为公告期满后三十日内并定于举证期满后第三日上午九时在本院开庭审理逾期将依法缺席判决特此公告本院受理的案件因当事人下落不

江苏省南京市中级人民法院

遗失声明

本院受理的案件因当事人下落不明依法向其公告送达有关法律文书自公告之日起经过六十日即视为送达提出答辩状的期限为公告期满后十五日内举证期限为公告期满后三十日内并定于举证期满后第三日上午九时在本院开庭审理逾期将依法缺席判决特此公告

因当事人下落不明依法向其公告送达有关法律文书自公告之日起经过六十日即视为送达提出答辩状的期限为公告期满后十五日内举证期限为公告期满后三十日内并定于举证期满后第三日上午九时在本院开庭审理逾期将依法缺席判决特此公告本院受理的案件

明依法向其公告送达有关法律文书自公告之日起经过六十日即视为送达提出答辩状的期限为公告期满后十五日内举证期限为公告期满后三十日内并定于举证期满后第三日上午九时在本院开庭审理逾期将依法缺席判决特此公告本院受理的案件因当事人下落不

江苏省南京市中级人民法院
